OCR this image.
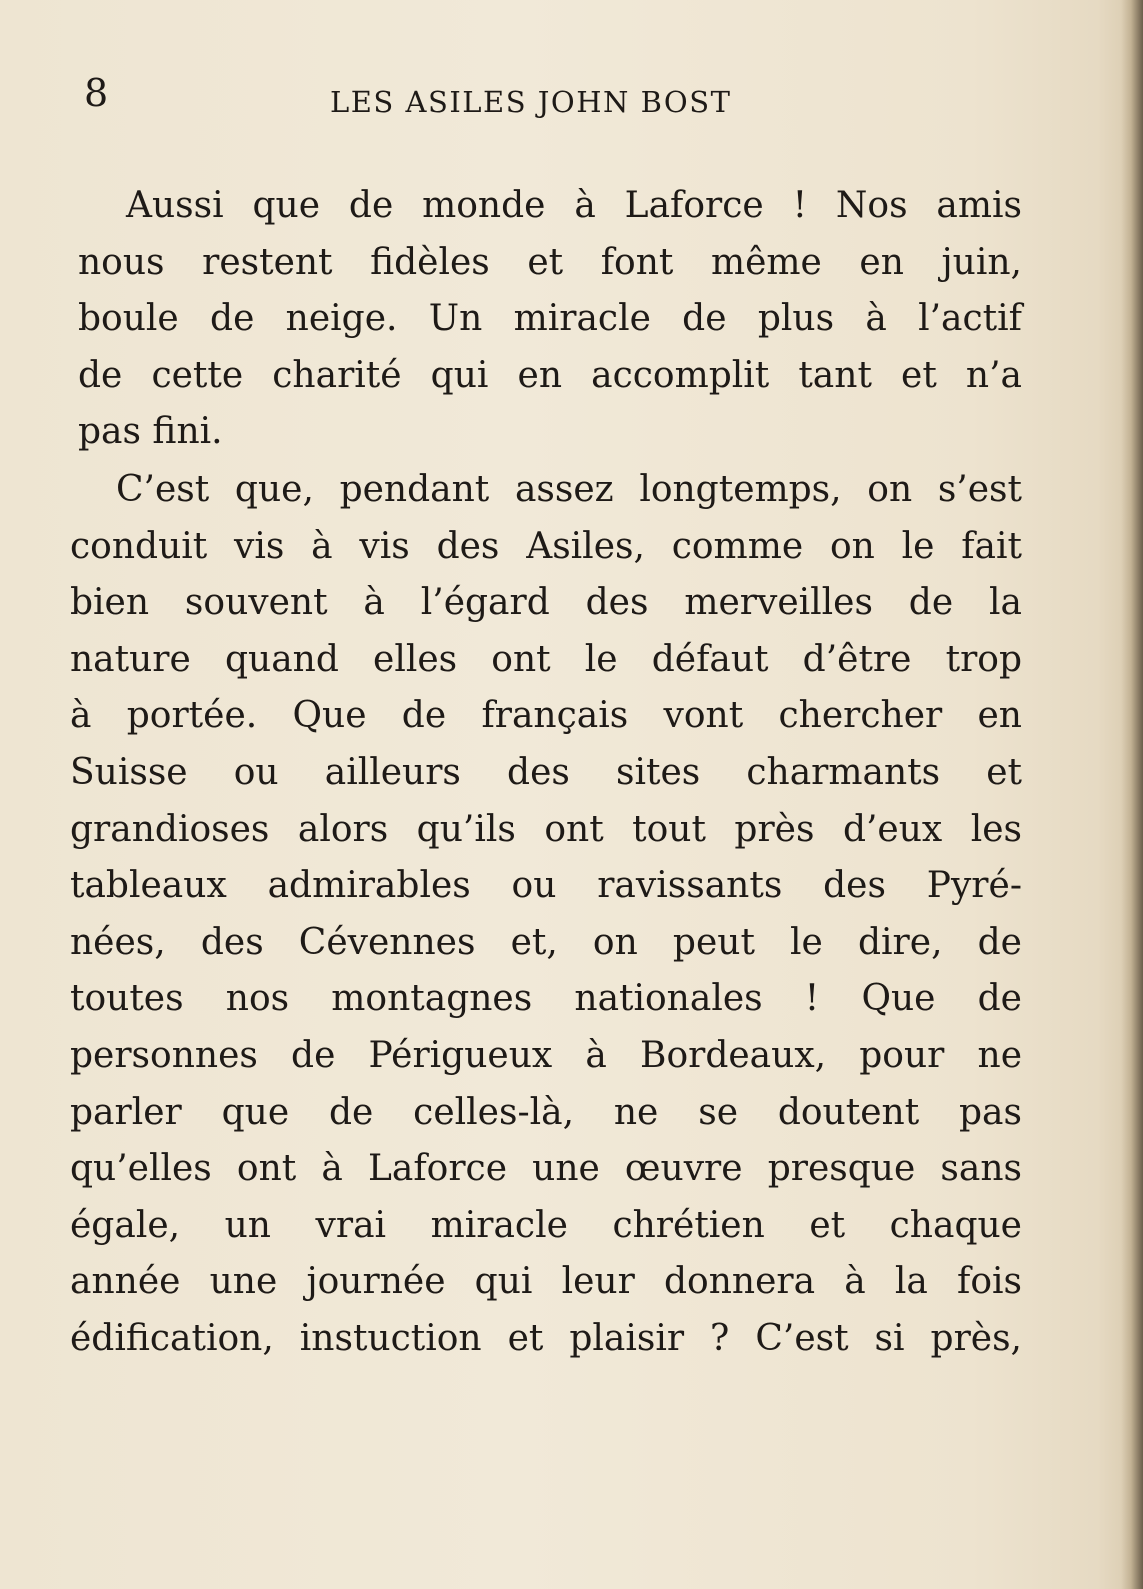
8	LES ASILES JOHN BOST
Aussi que de monde à Laforce ! Nos amis
nous restent fidèles et font même en juin,
boule de neige. Un miracle de plus à l’actif
de cette charité qui en accomplit tant et n’a
pas fini.
C’est que, pendant assez longtemps, on s’est
conduit vis à vis des Asiles, comme on le fait
bien souvent à l’égard des merveilles de la
nature quand elles ont le défaut d’être trop
à portée. Que de français vont chercher en
Suisse ou ailleurs des sites charmants et
grandioses alors qu’ils ont tout près d’eux les
tableaux admirables ou ravissants des Pyré-
nées, des Cévennes et, on peut le dire, de
toutes nos montagnes nationales ! Que de
personnes de Périgueux à Bordeaux, pour ne
parler que de celles-là, ne se doutent pas
qu’elles ont à Laforce une œuvre presque sans
égale, un vrai miracle chrétien et chaque
année une journée qui leur donnera à la fois
édification, instuction et plaisir ? C’est si près,
